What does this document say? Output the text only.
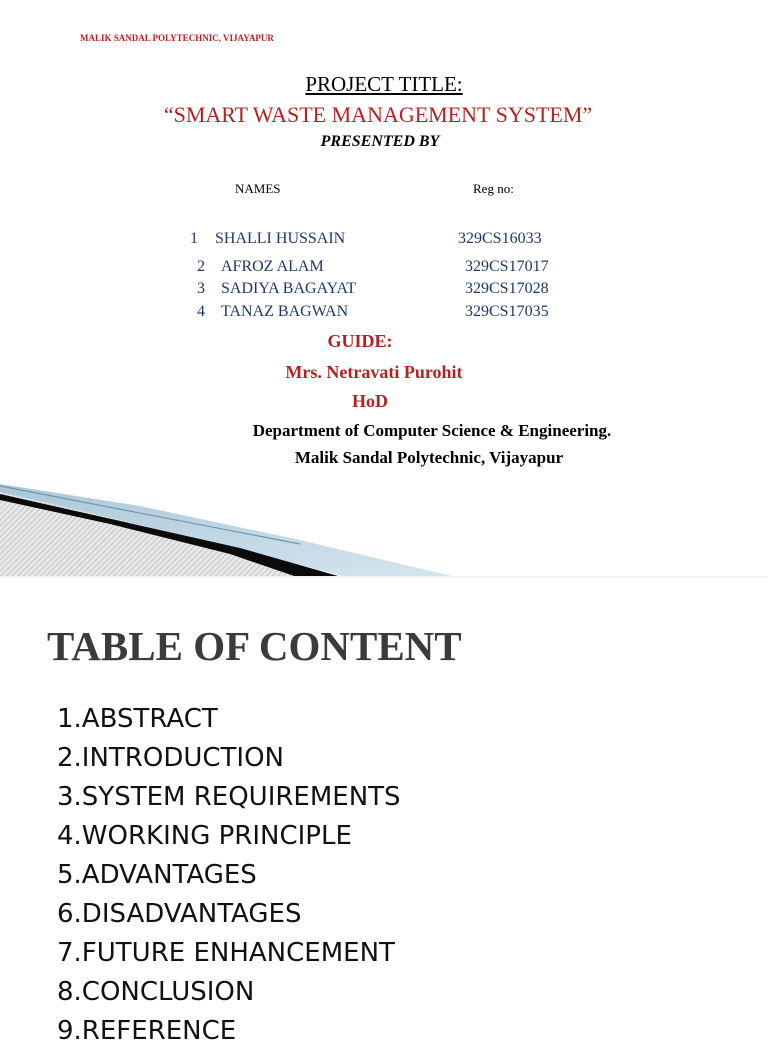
MALIK SANDAL POLYTECHNIC, VIJAYAPUR
PROJECT TITLE:
“SMART WASTE MANAGEMENT SYSTEM”
PRESENTED BY
NAMES	Reg no:
1 SHALLI HUSSAIN	329CS16033
2 AFROZ ALAM	329CS17017
3 SADIYA BAGAYAT	329CS17028
4 TANAZ BAGWAN	329CS17035
GUIDE:
Mrs. Netravati Purohit
HoD
Department of Computer Science & Engineering.
Malik Sandal Polytechnic, Vijayapur
TABLE OF CONTENT
1.ABSTRACT
2.INTRODUCTION
3.SYSTEM REQUIREMENTS
4.WORKING PRINCIPLE
5.ADVANTAGES
6.DISADVANTAGES
7.FUTURE ENHANCEMENT
8.CONCLUSION
9.REFERENCE
